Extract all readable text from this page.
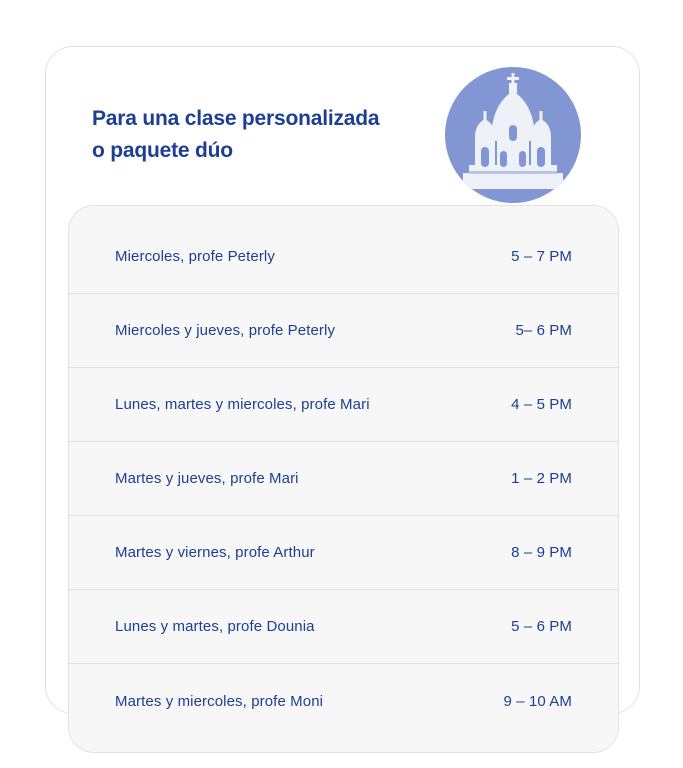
Para una clase personalizada
o paquete dúo
Miercoles, profe Peterly	5 – 7 PM
Miercoles y jueves, profe Peterly	5– 6 PM
Lunes, martes y miercoles, profe Mari	4 – 5 PM
Martes y jueves, profe Mari	1 – 2 PM
Martes y viernes, profe Arthur	8 – 9 PM
Lunes y martes, profe Dounia	5 – 6 PM
Martes y miercoles, profe Moni	9 – 10 AM
